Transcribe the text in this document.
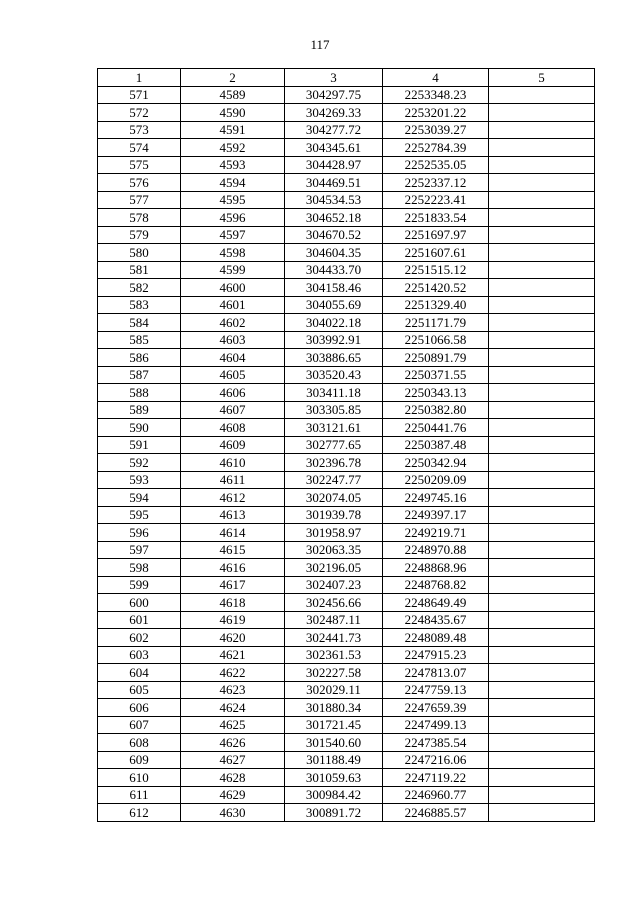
117
1	2	3	4	5
571	4589	304297.75	2253348.23	
572	4590	304269.33	2253201.22	
573	4591	304277.72	2253039.27	
574	4592	304345.61	2252784.39	
575	4593	304428.97	2252535.05	
576	4594	304469.51	2252337.12	
577	4595	304534.53	2252223.41	
578	4596	304652.18	2251833.54	
579	4597	304670.52	2251697.97	
580	4598	304604.35	2251607.61	
581	4599	304433.70	2251515.12	
582	4600	304158.46	2251420.52	
583	4601	304055.69	2251329.40	
584	4602	304022.18	2251171.79	
585	4603	303992.91	2251066.58	
586	4604	303886.65	2250891.79	
587	4605	303520.43	2250371.55	
588	4606	303411.18	2250343.13	
589	4607	303305.85	2250382.80	
590	4608	303121.61	2250441.76	
591	4609	302777.65	2250387.48	
592	4610	302396.78	2250342.94	
593	4611	302247.77	2250209.09	
594	4612	302074.05	2249745.16	
595	4613	301939.78	2249397.17	
596	4614	301958.97	2249219.71	
597	4615	302063.35	2248970.88	
598	4616	302196.05	2248868.96	
599	4617	302407.23	2248768.82	
600	4618	302456.66	2248649.49	
601	4619	302487.11	2248435.67	
602	4620	302441.73	2248089.48	
603	4621	302361.53	2247915.23	
604	4622	302227.58	2247813.07	
605	4623	302029.11	2247759.13	
606	4624	301880.34	2247659.39	
607	4625	301721.45	2247499.13	
608	4626	301540.60	2247385.54	
609	4627	301188.49	2247216.06	
610	4628	301059.63	2247119.22	
611	4629	300984.42	2246960.77	
612	4630	300891.72	2246885.57	
